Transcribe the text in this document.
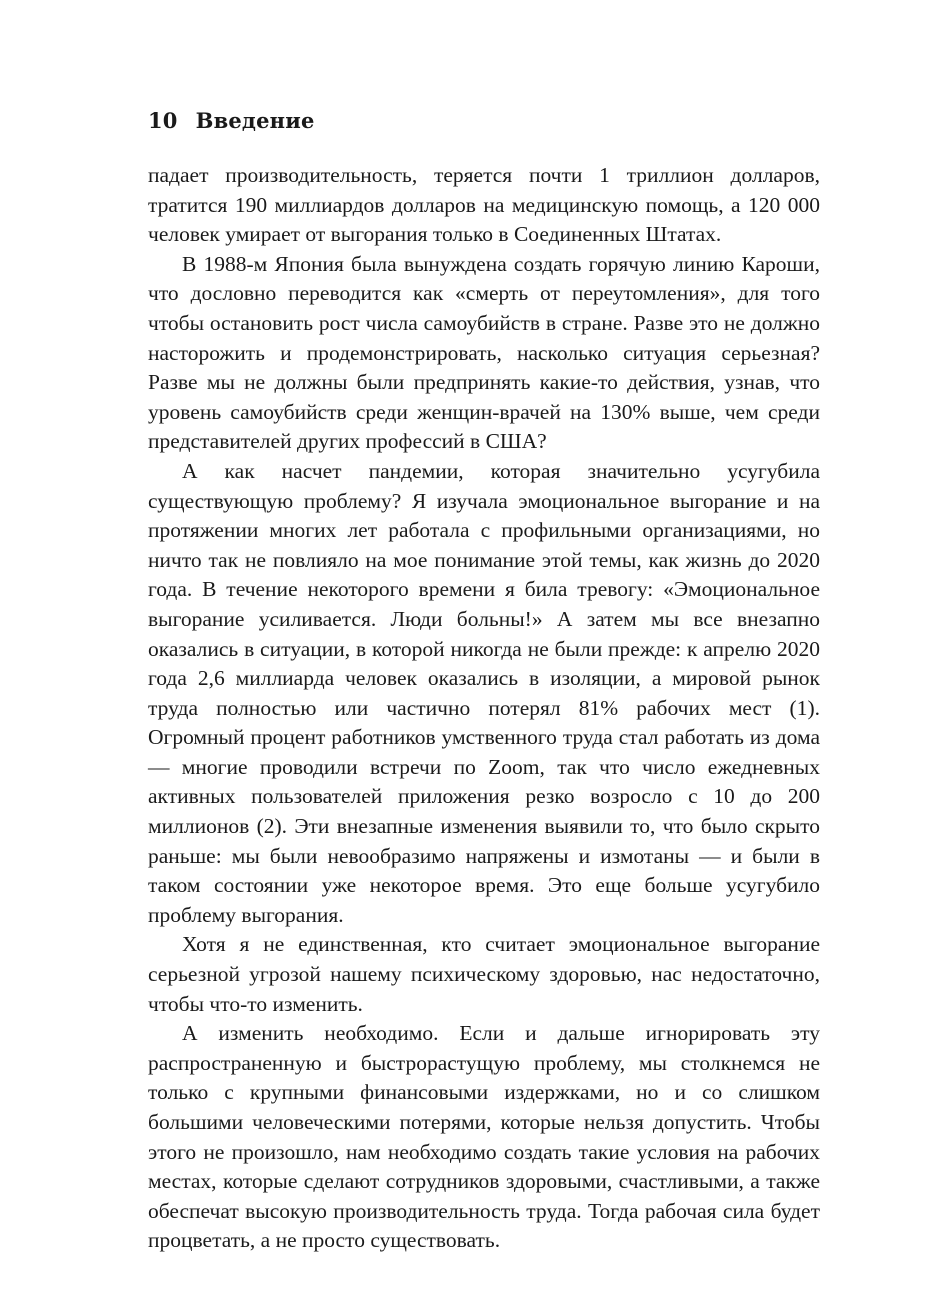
10 Введение

падает производительность, теряется почти 1 триллион долларов, тратится 190 миллиардов долларов на медицинскую помощь, а 120 000 человек умирает от выгорания только в Соединенных Штатах.

В 1988-м Япония была вынуждена создать горячую линию Кароши, что дословно переводится как «смерть от переутомления», для того чтобы остановить рост числа самоубийств в стране. Разве это не должно насторожить и продемонстрировать, насколько ситуация серьезная? Разве мы не должны были предпринять какие-то действия, узнав, что уровень самоубийств среди женщин-врачей на 130% выше, чем среди представителей других профессий в США?

А как насчет пандемии, которая значительно усугубила существующую проблему? Я изучала эмоциональное выгорание и на протяжении многих лет работала с профильными организациями, но ничто так не повлияло на мое понимание этой темы, как жизнь до 2020 года. В течение некоторого времени я била тревогу: «Эмоциональное выгорание усиливается. Люди больны!» А затем мы все внезапно оказались в ситуации, в которой никогда не были прежде: к апрелю 2020 года 2,6 миллиарда человек оказались в изоляции, а мировой рынок труда полностью или частично потерял 81% рабочих мест (1). Огромный процент работников умственного труда стал работать из дома — многие проводили встречи по Zoom, так что число ежедневных активных пользователей приложения резко возросло с 10 до 200 миллионов (2). Эти внезапные изменения выявили то, что было скрыто раньше: мы были невообразимо напряжены и измотаны — и были в таком состоянии уже некоторое время. Это еще больше усугубило проблему выгорания.

Хотя я не единственная, кто считает эмоциональное выгорание серьезной угрозой нашему психическому здоровью, нас недостаточно, чтобы что-то изменить.

А изменить необходимо. Если и дальше игнорировать эту распространенную и быстрорастущую проблему, мы столкнемся не только с крупными финансовыми издержками, но и со слишком большими человеческими потерями, которые нельзя допустить. Чтобы этого не произошло, нам необходимо создать такие условия на рабочих местах, которые сделают сотрудников здоровыми, счастливыми, а также обеспечат высокую производительность труда. Тогда рабочая сила будет процветать, а не просто существовать.
